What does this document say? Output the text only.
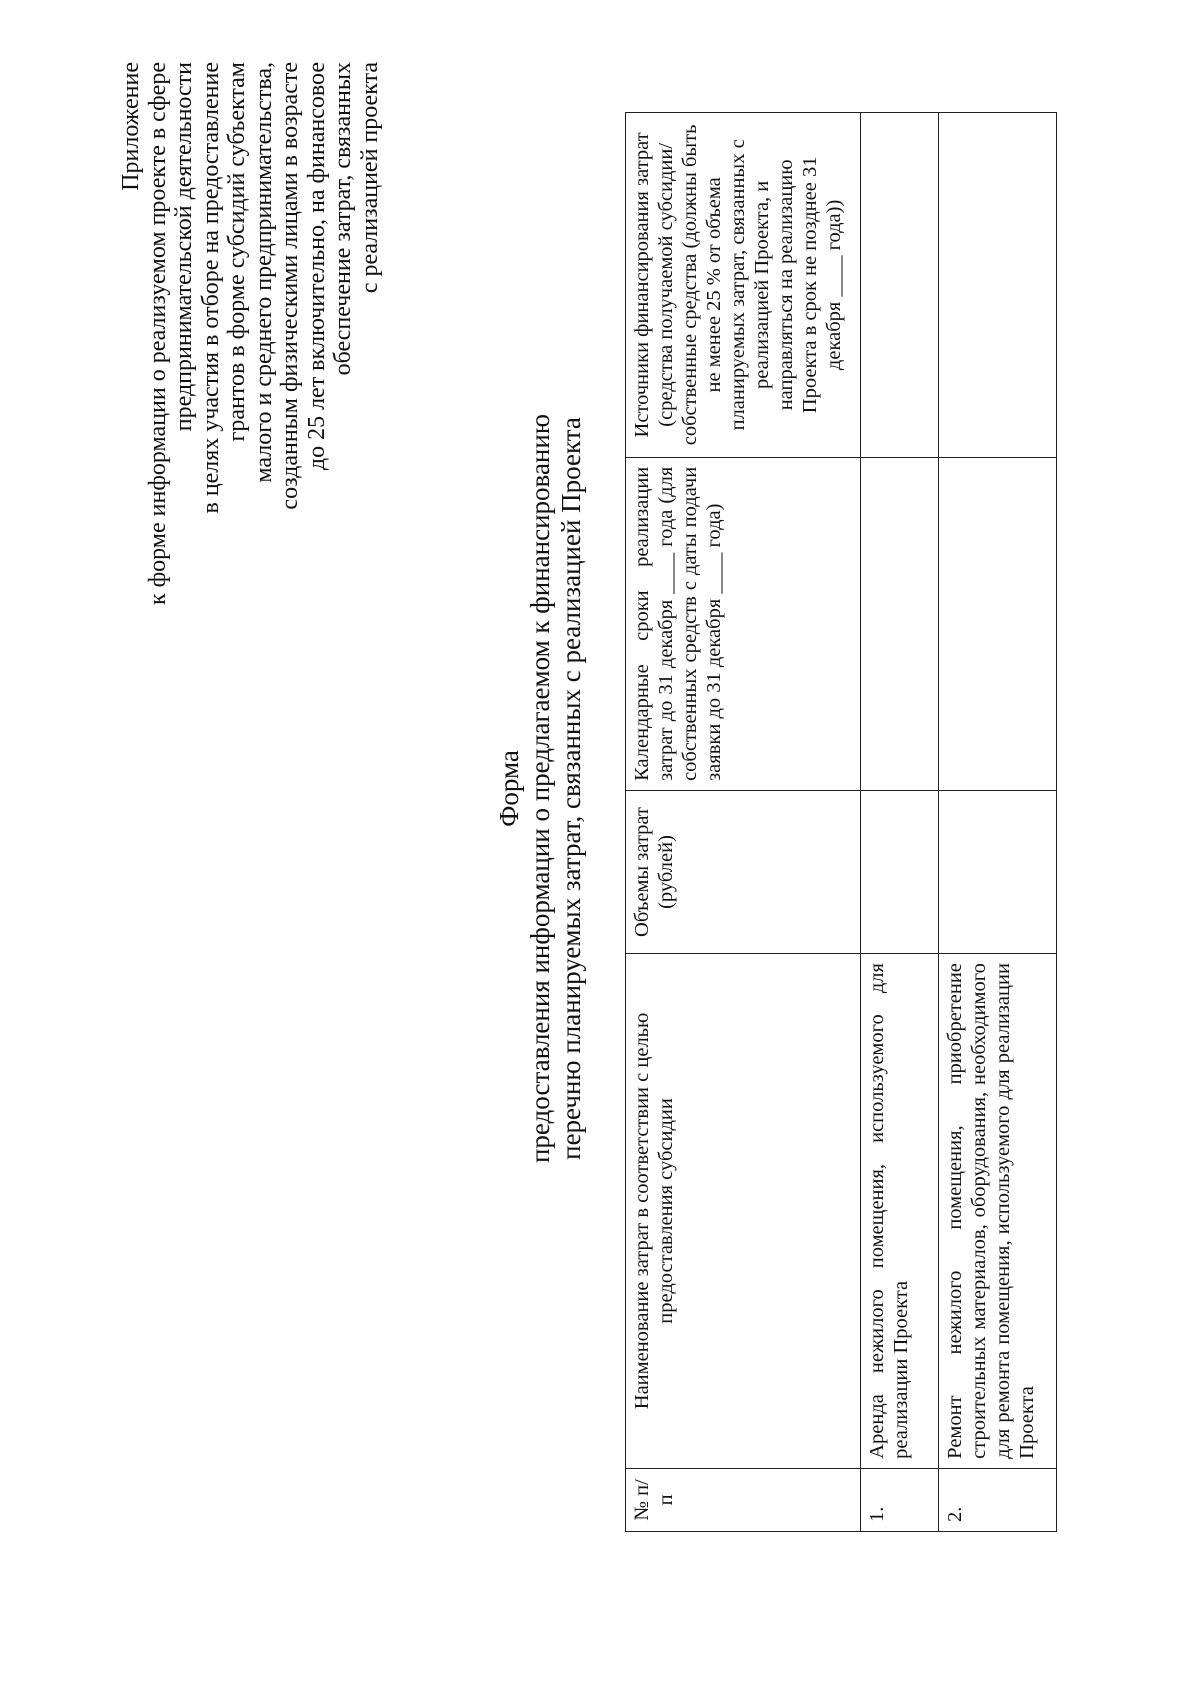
Приложение к форме информации о реализуемом проекте в сфере предпринимательской деятельности в целях участия в отборе на предоставление грантов в форме субсидий субъектам малого и среднего предпринимательства, созданным физическими лицами в возрасте до 25 лет включительно, на финансовое обеспечение затрат, связанных с реализацией проекта
Форма предоставления информации о предлагаемом к финансированию перечню планируемых затрат, связанных с реализацией Проекта
№ п/п	Наименование затрат в соответствии с целью предоставления субсидии	Объемы затрат (рублей)	Календарные сроки реализации затрат до 31 декабря ____ года (для собственных средств с даты подачи заявки до 31 декабря ____ года)	Источники финансирования затрат (средства получаемой субсидии/ собственные средства (должны быть не менее 25 % от объема планируемых затрат, связанных с реализацией Проекта, и направляться на реализацию Проекта в срок не позднее 31 декабря ____ года))
1.	Аренда нежилого помещения, используемого для реализации Проекта			
2.	Ремонт нежилого помещения, приобретение строительных материалов, оборудования, необходимого для ремонта помещения, используемого для реализации Проекта			
